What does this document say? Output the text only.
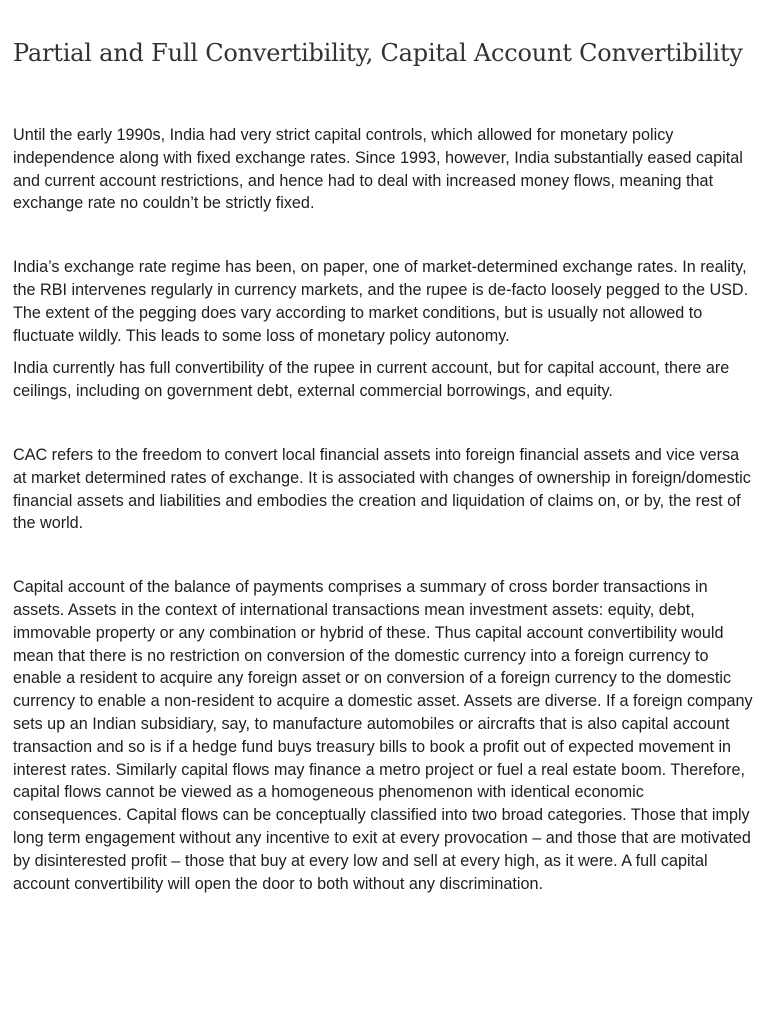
Partial and Full Convertibility, Capital Account Convertibility

Until the early 1990s, India had very strict capital controls, which allowed for monetary policy independence along with fixed exchange rates. Since 1993, however, India substantially eased capital and current account restrictions, and hence had to deal with increased money flows, meaning that exchange rate no couldn’t be strictly fixed.

India’s exchange rate regime has been, on paper, one of market-determined exchange rates. In reality, the RBI intervenes regularly in currency markets, and the rupee is de-facto loosely pegged to the USD. The extent of the pegging does vary according to market conditions, but is usually not allowed to fluctuate wildly. This leads to some loss of monetary policy autonomy.

India currently has full convertibility of the rupee in current account, but for capital account, there are ceilings, including on government debt, external commercial borrowings, and equity.

CAC refers to the freedom to convert local financial assets into foreign financial assets and vice versa at market determined rates of exchange. It is associated with changes of ownership in foreign/domestic financial assets and liabilities and embodies the creation and liquidation of claims on, or by, the rest of the world.

Capital account of the balance of payments comprises a summary of cross border transactions in assets. Assets in the context of international transactions mean investment assets: equity, debt, immovable property or any combination or hybrid of these. Thus capital account convertibility would mean that there is no restriction on conversion of the domestic currency into a foreign currency to enable a resident to acquire any foreign asset or on conversion of a foreign currency to the domestic currency to enable a non-resident to acquire a domestic asset. Assets are diverse. If a foreign company sets up an Indian subsidiary, say, to manufacture automobiles or aircrafts that is also capital account transaction and so is if a hedge fund buys treasury bills to book a profit out of expected movement in interest rates. Similarly capital flows may finance a metro project or fuel a real estate boom. Therefore, capital flows cannot be viewed as a homogeneous phenomenon with identical economic consequences. Capital flows can be conceptually classified into two broad categories. Those that imply long term engagement without any incentive to exit at every provocation – and those that are motivated by disinterested profit – those that buy at every low and sell at every high, as it were. A full capital account convertibility will open the door to both without any discrimination.
